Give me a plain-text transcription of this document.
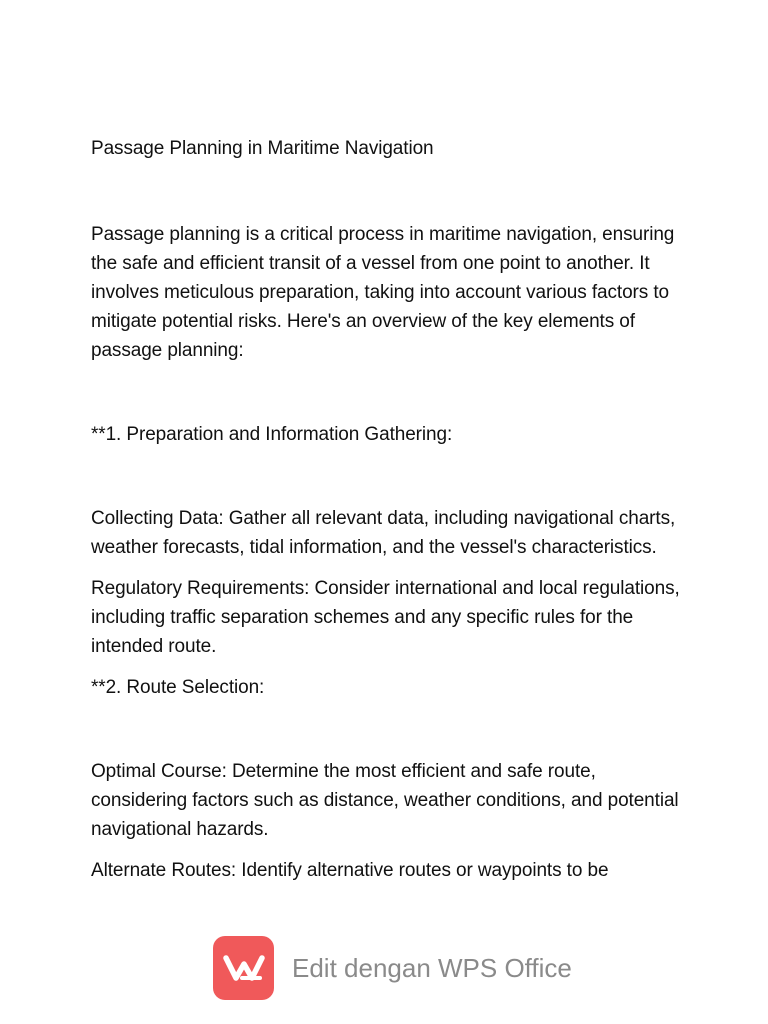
Passage Planning in Maritime Navigation

Passage planning is a critical process in maritime navigation, ensuring the safe and efficient transit of a vessel from one point to another. It involves meticulous preparation, taking into account various factors to mitigate potential risks. Here's an overview of the key elements of passage planning:

**1. Preparation and Information Gathering:

Collecting Data: Gather all relevant data, including navigational charts, weather forecasts, tidal information, and the vessel's characteristics.

Regulatory Requirements: Consider international and local regulations, including traffic separation schemes and any specific rules for the intended route.

**2. Route Selection:

Optimal Course: Determine the most efficient and safe route, considering factors such as distance, weather conditions, and potential navigational hazards.

Alternate Routes: Identify alternative routes or waypoints to be

Edit dengan WPS Office
